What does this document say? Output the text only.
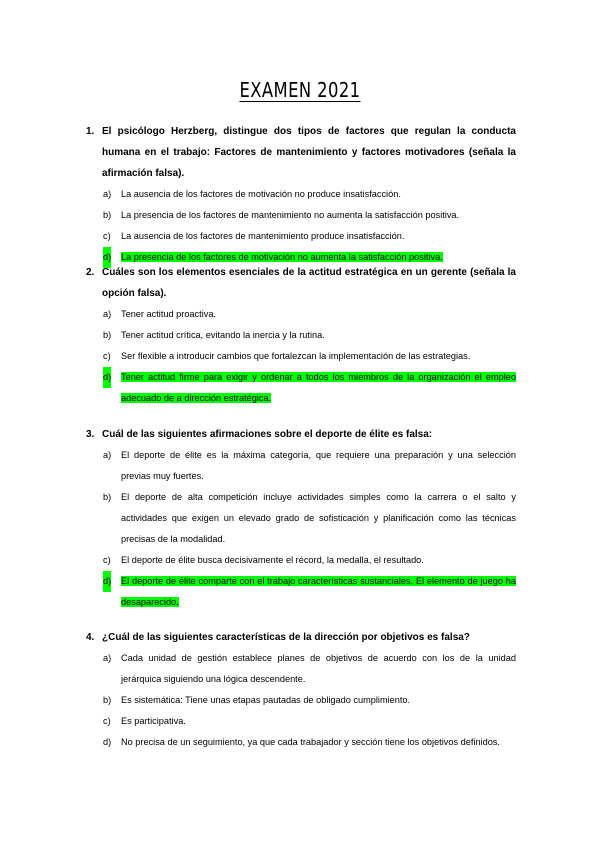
EXAMEN 2021
1. El psicólogo Herzberg, distingue dos tipos de factores que regulan la conducta humana en el trabajo: Factores de mantenimiento y factores motivadores (señala la afirmación falsa).
a) La ausencia de los factores de motivación no produce insatisfacción.
b) La presencia de los factores de mantenimiento no aumenta la satisfacción positiva.
c) La ausencia de los factores de mantenimiento produce insatisfacción.
d) La presencia de los factores de motivación no aumenta la satisfacción positiva.
2. Cuáles son los elementos esenciales de la actitud estratégica en un gerente (señala la opción falsa).
a) Tener actitud proactiva.
b) Tener actitud crítica, evitando la inercia y la rutina.
c) Ser flexible a introducir cambios que fortalezcan la implementación de las estrategias.
d) Tener actitud firme para exigir y ordenar a todos los miembros de la organización el empleo adecuado de a dirección estratégica.
3. Cuál de las siguientes afirmaciones sobre el deporte de élite es falsa:
a) El deporte de élite es la máxima categoría, que requiere una preparación y una selección previas muy fuertes.
b) El deporte de alta competición incluye actividades simples como la carrera o el salto y actividades que exigen un elevado grado de sofisticación y planificación como las técnicas precisas de la modalidad.
c) El deporte de élite busca decisivamente el récord, la medalla, el resultado.
d) El deporte de élite comparte con el trabajo características sustanciales. El elemento de juego ha desaparecido.
4. ¿Cuál de las siguientes características de la dirección por objetivos es falsa?
a) Cada unidad de gestión establece planes de objetivos de acuerdo con los de la unidad jerárquica siguiendo una lógica descendente.
b) Es sistemática: Tiene unas etapas pautadas de obligado cumplimiento.
c) Es participativa.
d) No precisa de un seguimiento, ya que cada trabajador y sección tiene los objetivos definidos.
